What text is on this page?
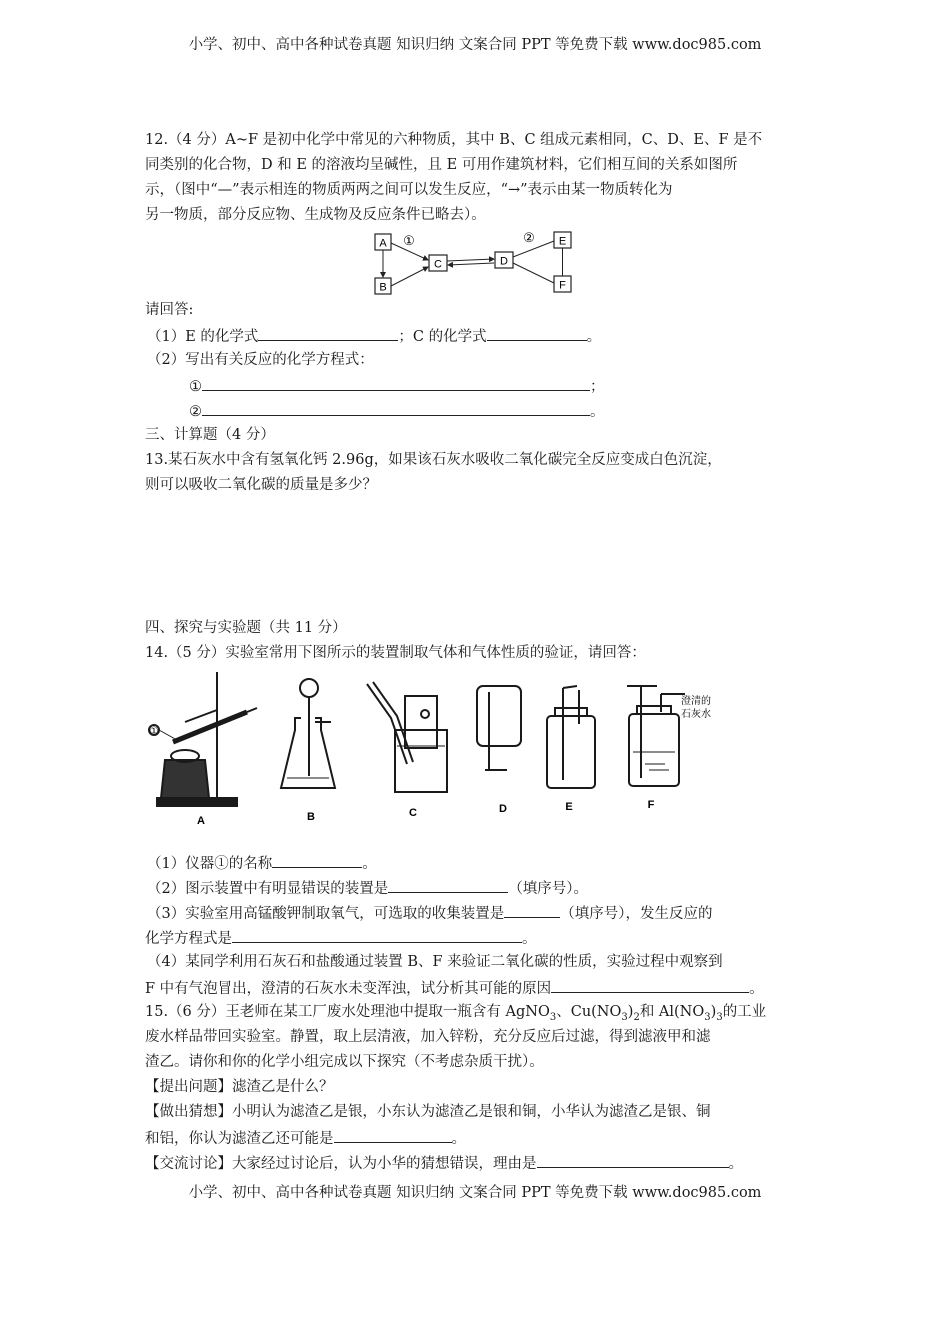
小学、初中、高中各种试卷真题 知识归纳 文案合同 PPT 等免费下载 www.doc985.com
12.（4 分）A~F 是初中化学中常见的六种物质，其中 B、C 组成元素相同，C、D、E、F 是不
同类别的化合物，D 和 E 的溶液均呈碱性，且 E 可用作建筑材料，它们相互间的关系如图所
示，（图中“—”表示相连的物质两两之间可以发生反应，“→”表示由某一物质转化为
另一物质，部分反应物、生成物及反应条件已略去）。
A ①
B
C	D
② E
F
请回答:
（1）E 的化学式	；C 的化学式	。
（2）写出有关反应的化学方程式：
①	；
②	。
三、计算题（4 分）
13.某石灰水中含有氢氧化钙 2.96g，如果该石灰水吸收二氧化碳完全反应变成白色沉淀，
则可以吸收二氧化碳的质量是多少？
四、探究与实验题（共 11 分）
14.（5 分）实验室常用下图所示的装置制取气体和气体性质的验证，请回答：
①
澄清的
石灰水
A	B	C	D	E	F
（1）仪器①的名称	。
（2）图示装置中有明显错误的装置是	（填序号）。
（3）实验室用高锰酸钾制取氧气，可选取的收集装置是	（填序号），发生反应的
化学方程式是	。
（4）某同学利用石灰石和盐酸通过装置 B、F 来验证二氧化碳的性质，实验过程中观察到
F 中有气泡冒出，澄清的石灰水未变浑浊，试分析其可能的原因	。
15.（6 分）王老师在某工厂废水处理池中提取一瓶含有 AgNO$_3$、$Cu(NO_3)_2$和 $Al(NO_3)_3$的工业
废水样品带回实验室。静置，取上层清液，加入锌粉，充分反应后过滤，得到滤液甲和滤
渣乙。请你和你的化学小组完成以下探究（不考虑杂质干扰）。
【提出问题】滤渣乙是什么？
【做出猜想】小明认为滤渣乙是银，小东认为滤渣乙是银和铜，小华认为滤渣乙是银、铜
和铝，你认为滤渣乙还可能是	。
【交流讨论】大家经过讨论后，认为小华的猜想错误，理由是	。
小学、初中、高中各种试卷真题 知识归纳 文案合同 PPT 等免费下载 www.doc985.com
